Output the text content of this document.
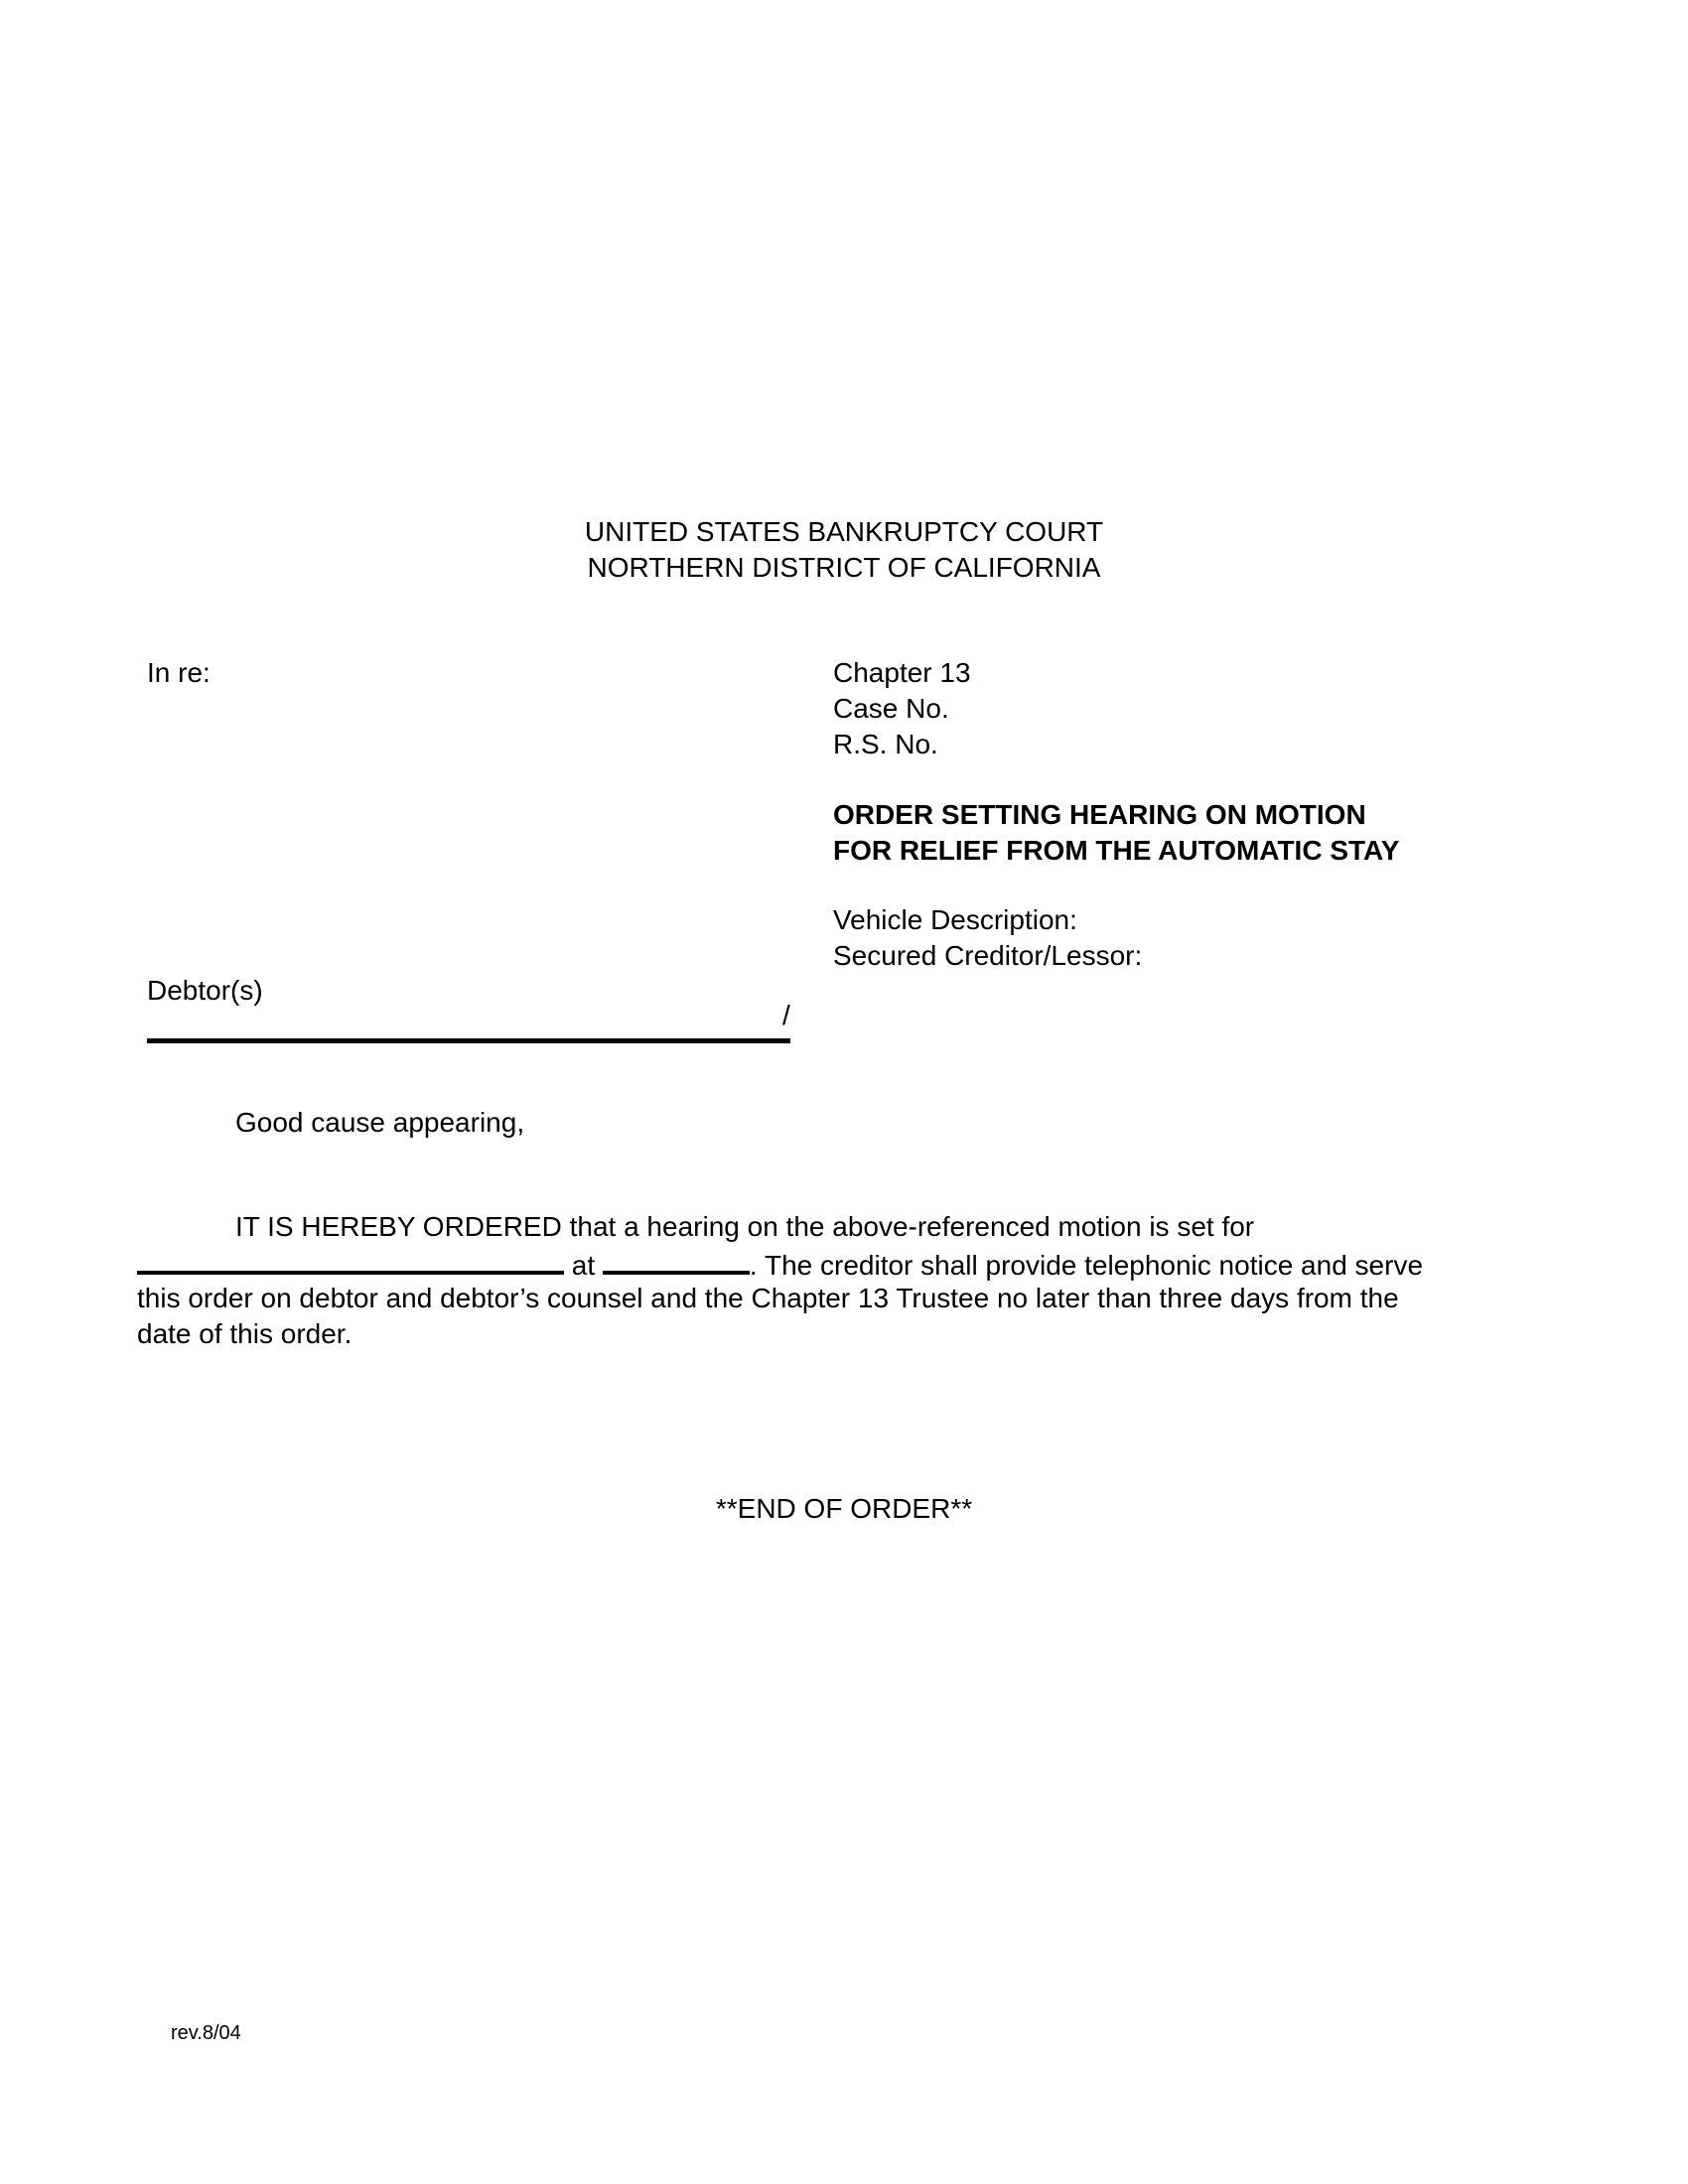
UNITED STATES BANKRUPTCY COURT
NORTHERN DISTRICT OF CALIFORNIA
In re:
Debtor(s)
/
Chapter 13
Case No.
R.S. No.
ORDER SETTING HEARING ON MOTION
FOR RELIEF FROM THE AUTOMATIC STAY
Vehicle Description:
Secured Creditor/Lessor:
Good cause appearing,
IT IS HEREBY ORDERED that a hearing on the above-referenced motion is set for
at	. The creditor shall provide telephonic notice and serve
this order on debtor and debtor’s counsel and the Chapter 13 Trustee no later than three days from the
date of this order.
**END OF ORDER**
rev.8/04
